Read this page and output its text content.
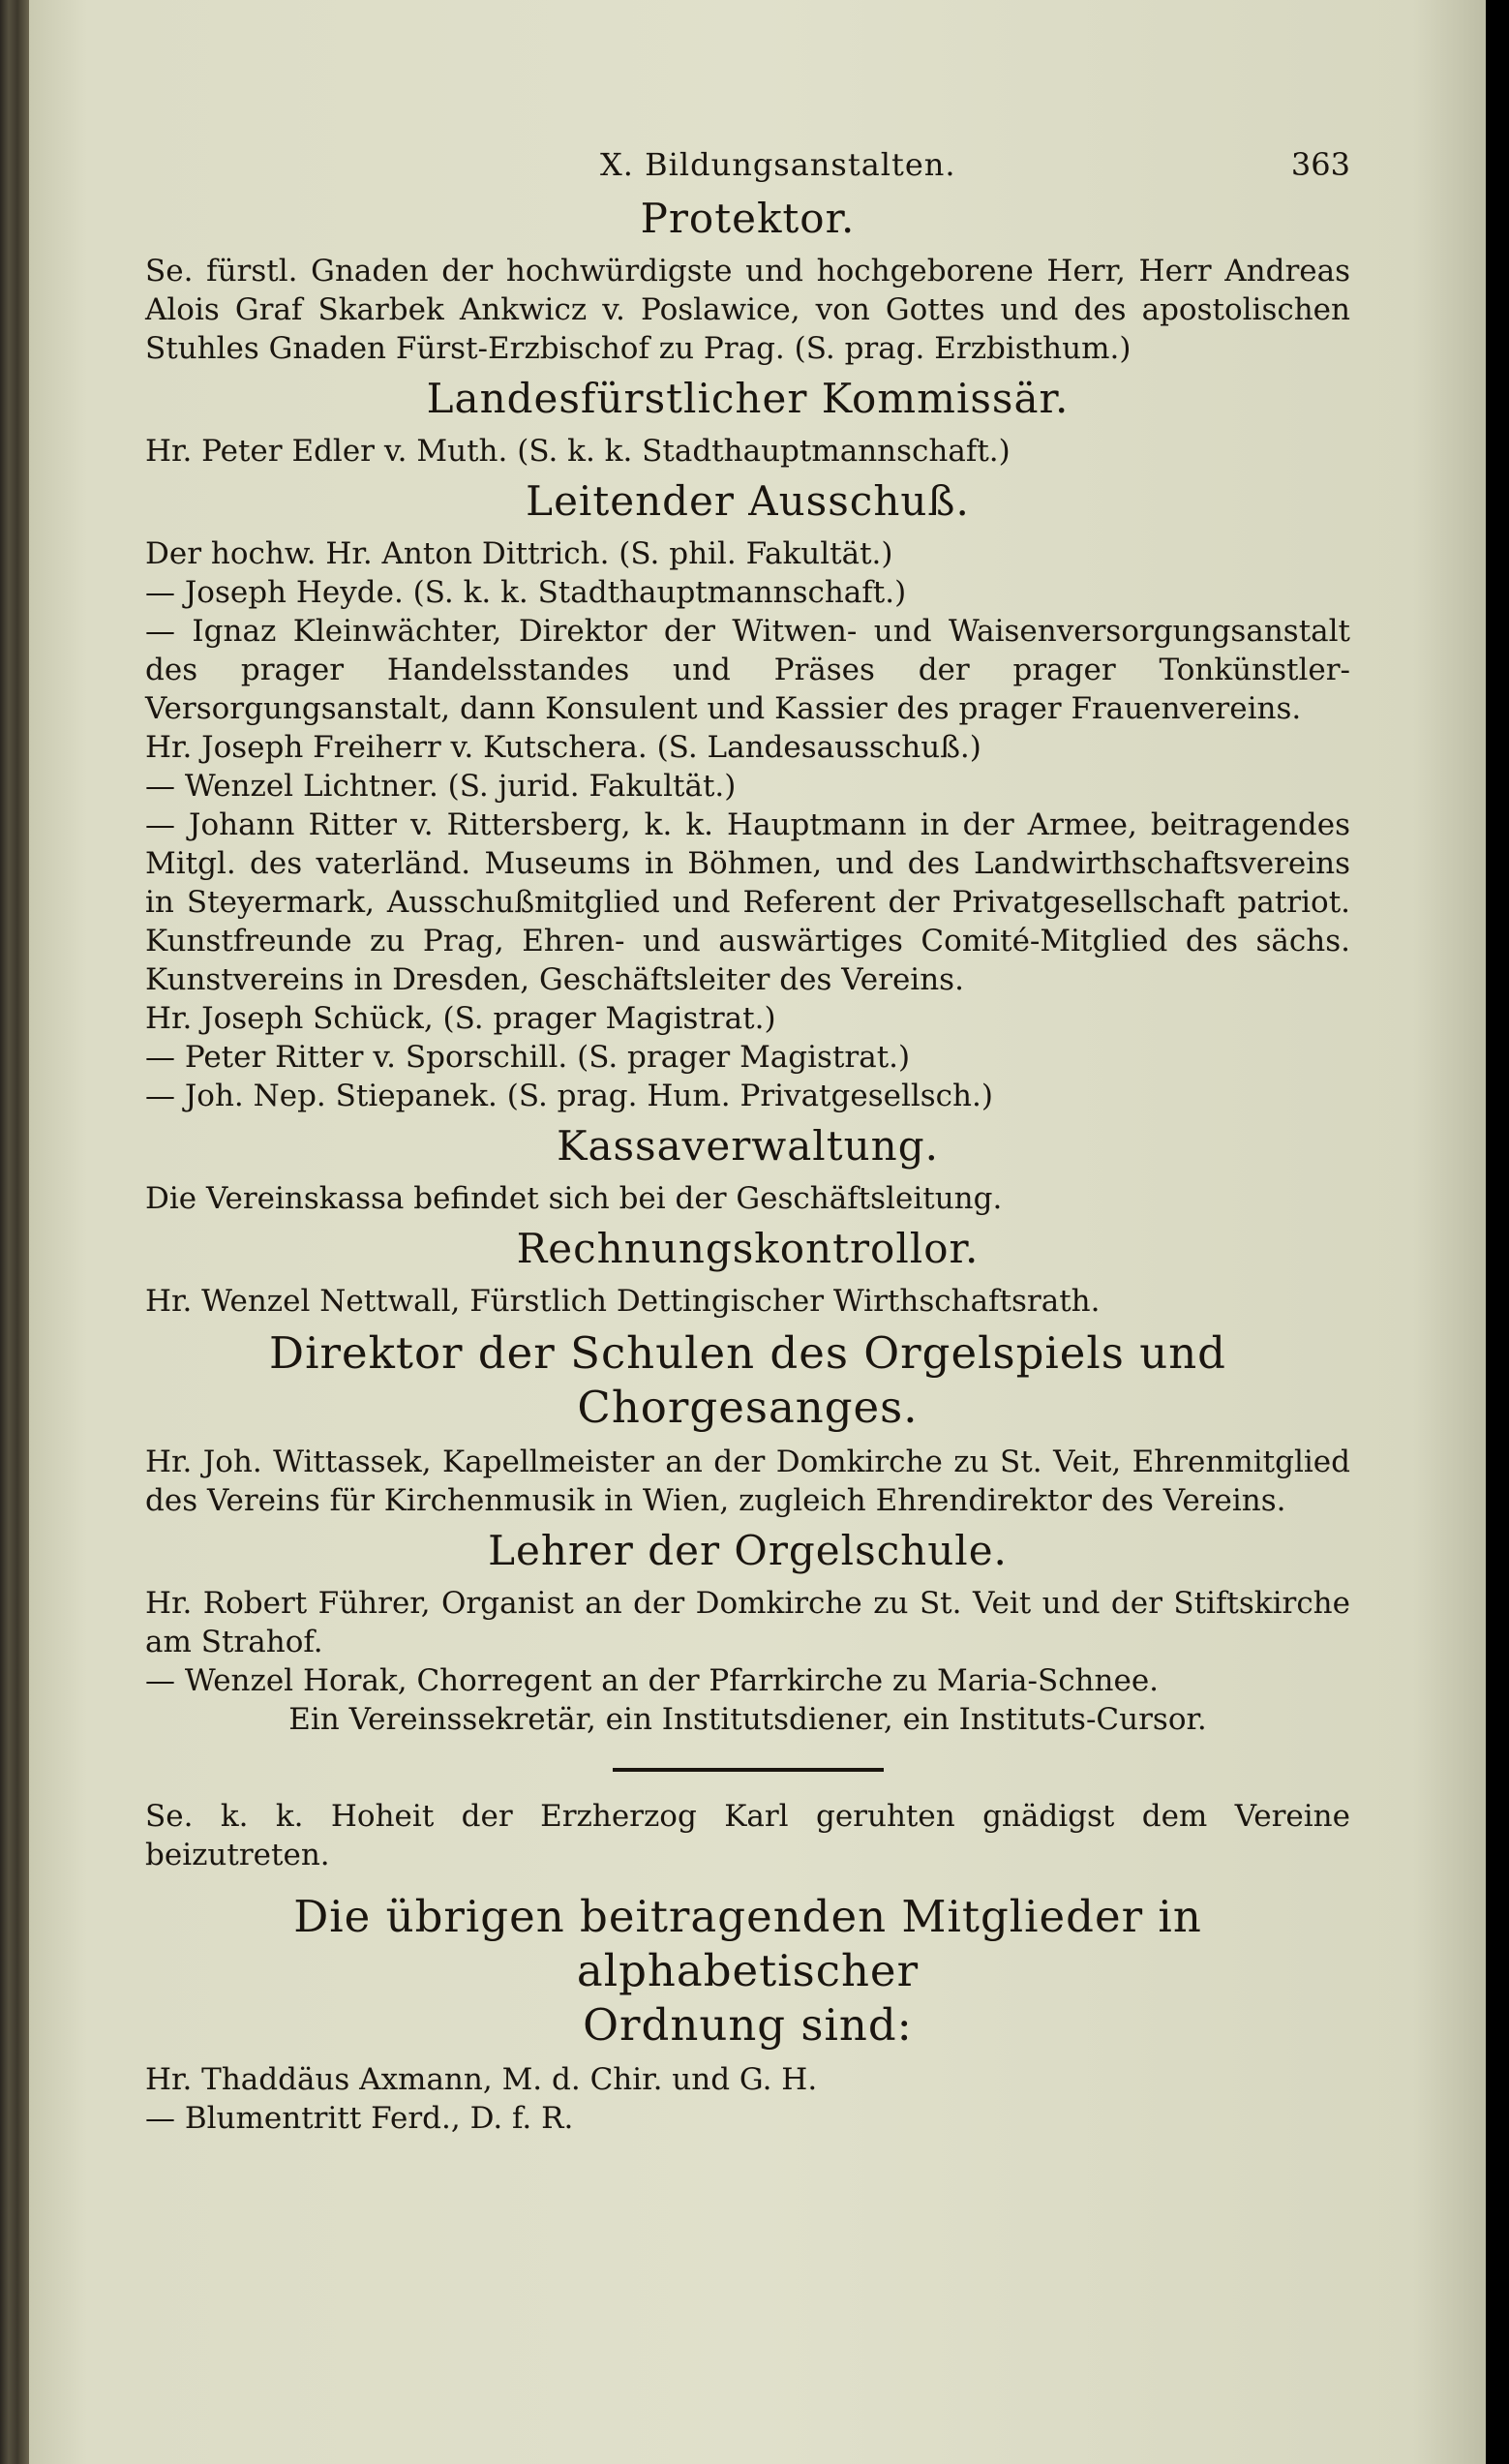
X. Bildungsanstalten.	363
Protektor.

Se. fürstl. Gnaden der hochwürdigste und hochgeborene Herr, Herr Andreas Alois Graf Skarbek Ankwicz v. Poslawice, von Gottes und des apostolischen Stuhles Gnaden Fürst-Erzbischof zu Prag. (S. prag. Erzbisthum.)

Landesfürstlicher Kommissär.

Hr. Peter Edler v. Muth. (S. k. k. Stadthauptmannschaft.)

Leitender Ausschuß.

Der hochw. Hr. Anton Dittrich. (S. phil. Fakultät.)

— Joseph Heyde. (S. k. k. Stadthauptmannschaft.)

— Ignaz Kleinwächter, Direktor der Witwen- und Waisenversorgungsanstalt des prager Handelsstandes und Präses der prager Tonkünstler-Versorgungsanstalt, dann Konsulent und Kassier des prager Frauenvereins.

Hr. Joseph Freiherr v. Kutschera. (S. Landesausschuß.)

— Wenzel Lichtner. (S. jurid. Fakultät.)

— Johann Ritter v. Rittersberg, k. k. Hauptmann in der Armee, beitragendes Mitgl. des vaterländ. Museums in Böhmen, und des Landwirthschaftsvereins in Steyermark, Ausschußmitglied und Referent der Privatgesellschaft patriot. Kunstfreunde zu Prag, Ehren- und auswärtiges Comité-Mitglied des sächs. Kunstvereins in Dresden, Geschäftsleiter des Vereins.

Hr. Joseph Schück, (S. prager Magistrat.)

— Peter Ritter v. Sporschill. (S. prager Magistrat.)

— Joh. Nep. Stiepanek. (S. prag. Hum. Privatgesellsch.)

Kassaverwaltung.

Die Vereinskassa befindet sich bei der Geschäftsleitung.

Rechnungskontrollor.

Hr. Wenzel Nettwall, Fürstlich Dettingischer Wirthschaftsrath.

Direktor der Schulen des Orgelspiels und Chorgesanges.

Hr. Joh. Wittassek, Kapellmeister an der Domkirche zu St. Veit, Ehrenmitglied des Vereins für Kirchenmusik in Wien, zugleich Ehrendirektor des Vereins.

Lehrer der Orgelschule.

Hr. Robert Führer, Organist an der Domkirche zu St. Veit und der Stiftskirche am Strahof.

— Wenzel Horak, Chorregent an der Pfarrkirche zu Maria-Schnee.

Ein Vereinssekretär, ein Institutsdiener, ein Instituts-Cursor.

Se. k. k. Hoheit der Erzherzog Karl geruhten gnädigst dem Vereine beizutreten.

Die übrigen beitragenden Mitglieder in alphabetischer
Ordnung sind:

Hr. Thaddäus Axmann, M. d. Chir. und G. H.

— Blumentritt Ferd., D. f. R.
